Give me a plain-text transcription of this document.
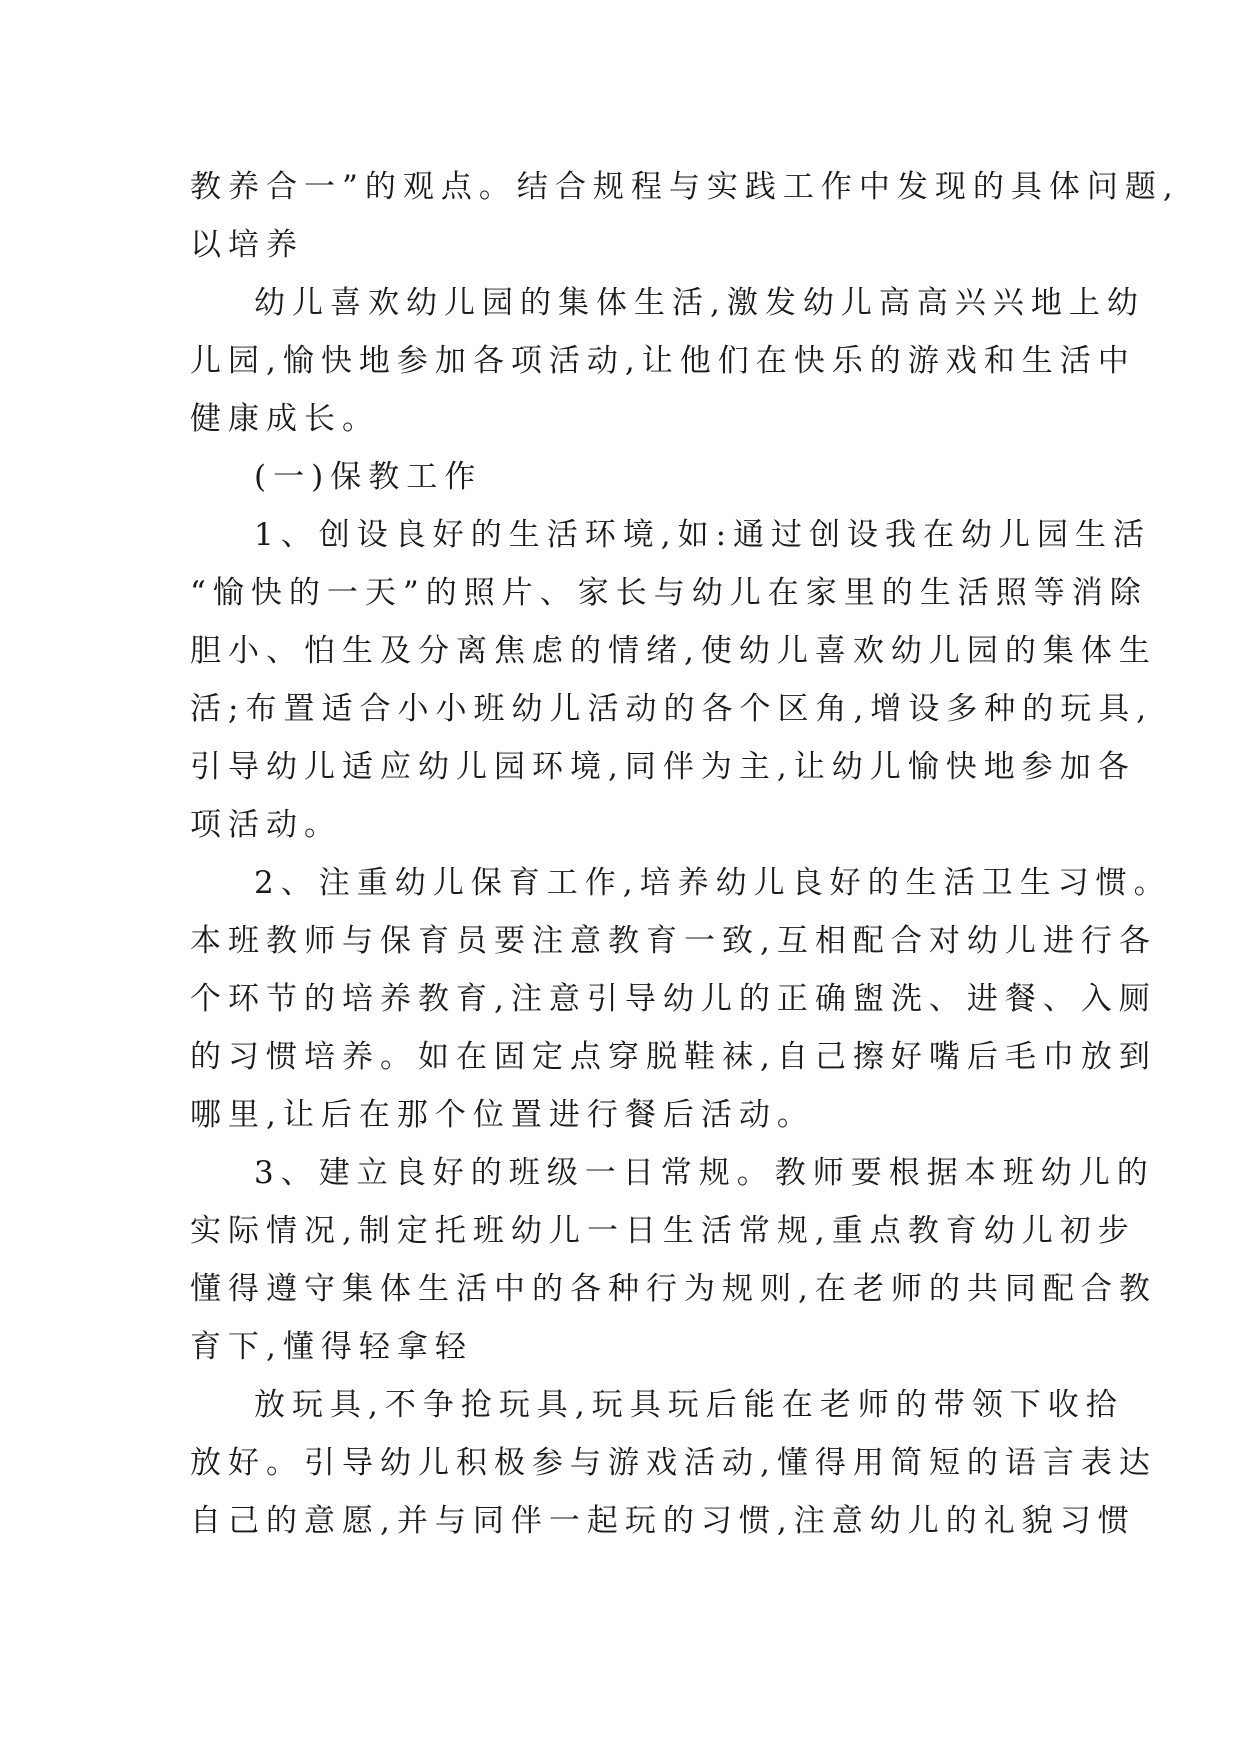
教养合一”的观点。结合规程与实践工作中发现的具体问题,

以培养

幼儿喜欢幼儿园的集体生活,激发幼儿高高兴兴地上幼

儿园,愉快地参加各项活动,让他们在快乐的游戏和生活中

健康成长。

(一)保教工作

1、创设良好的生活环境,如:通过创设我在幼儿园生活

“愉快的一天”的照片、家长与幼儿在家里的生活照等消除

胆小、怕生及分离焦虑的情绪,使幼儿喜欢幼儿园的集体生

活;布置适合小小班幼儿活动的各个区角,增设多种的玩具,

引导幼儿适应幼儿园环境,同伴为主,让幼儿愉快地参加各

项活动。

2、注重幼儿保育工作,培养幼儿良好的生活卫生习惯。

本班教师与保育员要注意教育一致,互相配合对幼儿进行各

个环节的培养教育,注意引导幼儿的正确盥洗、进餐、入厕

的习惯培养。如在固定点穿脱鞋袜,自己擦好嘴后毛巾放到

哪里,让后在那个位置进行餐后活动。

3、建立良好的班级一日常规。教师要根据本班幼儿的

实际情况,制定托班幼儿一日生活常规,重点教育幼儿初步

懂得遵守集体生活中的各种行为规则,在老师的共同配合教

育下,懂得轻拿轻

放玩具,不争抢玩具,玩具玩后能在老师的带领下收拾

放好。引导幼儿积极参与游戏活动,懂得用简短的语言表达

自己的意愿,并与同伴一起玩的习惯,注意幼儿的礼貌习惯
